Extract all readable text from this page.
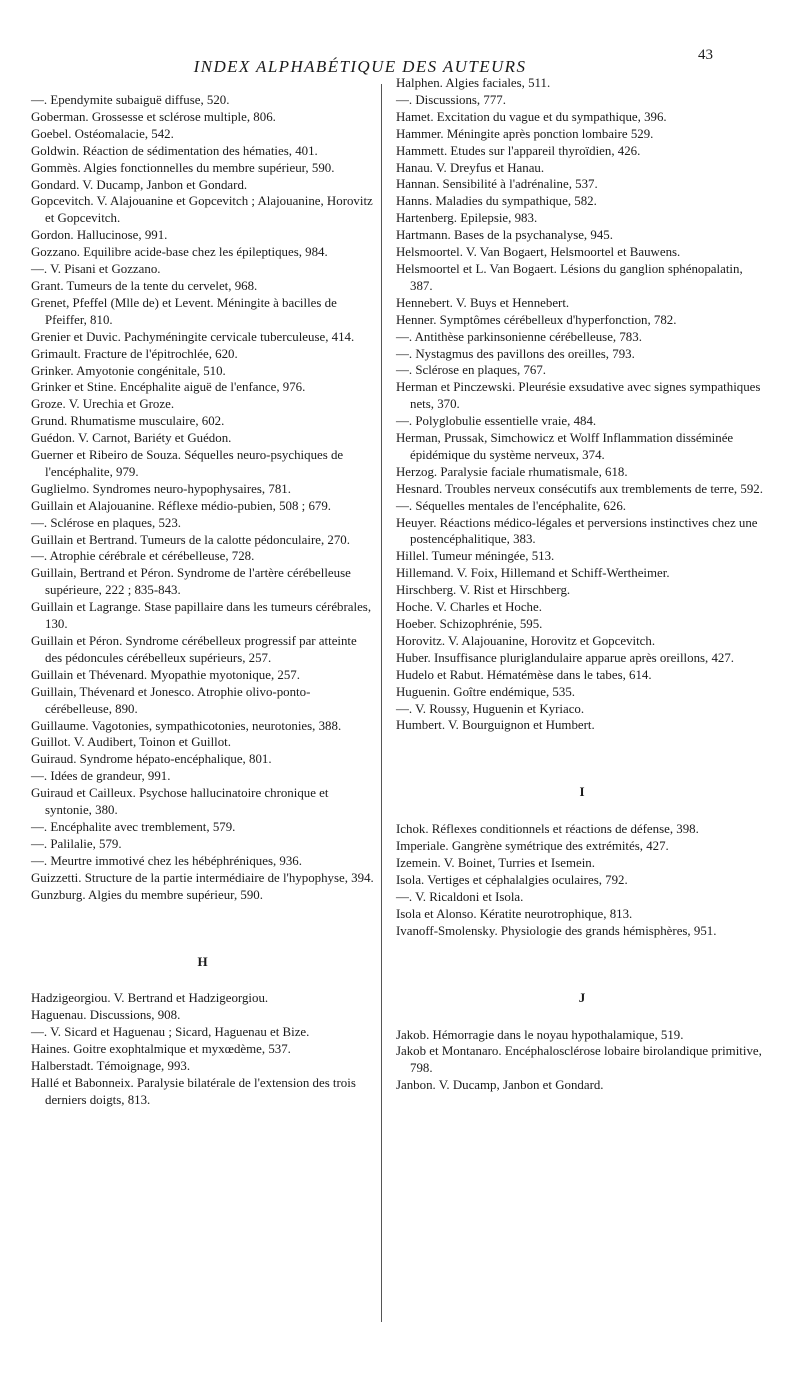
INDEX ALPHABÉTIQUE DES AUTEURS
43

—. Ependymite subaiguë diffuse, 520.

Goberman. Grossesse et sclérose multiple, 806.

Goebel. Ostéomalacie, 542.

Goldwin. Réaction de sédimentation des hématies, 401.

Gommès. Algies fonctionnelles du membre supérieur, 590.

Gondard. V. Ducamp, Janbon et Gondard.

Gopcevitch. V. Alajouanine et Gopcevitch ; Alajouanine, Horovitz et Gopcevitch.

Gordon. Hallucinose, 991.

Gozzano. Equilibre acide-base chez les épileptiques, 984.

—. V. Pisani et Gozzano.

Grant. Tumeurs de la tente du cervelet, 968.

Grenet, Pfeffel (Mlle de) et Levent. Méningite à bacilles de Pfeiffer, 810.

Grenier et Duvic. Pachyméningite cervicale tuberculeuse, 414.

Grimault. Fracture de l'épitrochlée, 620.

Grinker. Amyotonie congénitale, 510.

Grinker et Stine. Encéphalite aiguë de l'enfance, 976.

Groze. V. Urechia et Groze.

Grund. Rhumatisme musculaire, 602.

Guédon. V. Carnot, Bariéty et Guédon.

Guerner et Ribeiro de Souza. Séquelles neuro-psychiques de l'encéphalite, 979.

Guglielmo. Syndromes neuro-hypophysaires, 781.

Guillain et Alajouanine. Réflexe médio-pubien, 508 ; 679.

—. Sclérose en plaques, 523.

Guillain et Bertrand. Tumeurs de la calotte pédonculaire, 270.

—. Atrophie cérébrale et cérébelleuse, 728.

Guillain, Bertrand et Péron. Syndrome de l'artère cérébelleuse supérieure, 222 ; 835-843.

Guillain et Lagrange. Stase papillaire dans les tumeurs cérébrales, 130.

Guillain et Péron. Syndrome cérébelleux progressif par atteinte des pédoncules cérébelleux supérieurs, 257.

Guillain et Thévenard. Myopathie myotonique, 257.

Guillain, Thévenard et Jonesco. Atrophie olivo-ponto-cérébelleuse, 890.

Guillaume. Vagotonies, sympathicotonies, neurotonies, 388.

Guillot. V. Audibert, Toinon et Guillot.

Guiraud. Syndrome hépato-encéphalique, 801.

—. Idées de grandeur, 991.

Guiraud et Cailleux. Psychose hallucinatoire chronique et syntonie, 380.

—. Encéphalite avec tremblement, 579.

—. Palilalie, 579.

—. Meurtre immotivé chez les hébéphréniques, 936.

Guizzetti. Structure de la partie intermédiaire de l'hypophyse, 394.

Gunzburg. Algies du membre supérieur, 590.

H

Hadzigeorgiou. V. Bertrand et Hadzigeorgiou.

Haguenau. Discussions, 908.

—. V. Sicard et Haguenau ; Sicard, Haguenau et Bize.

Haines. Goitre exophtalmique et myxœdème, 537.

Halberstadt. Témoignage, 993.

Hallé et Babonneix. Paralysie bilatérale de l'extension des trois derniers doigts, 813.

Halphen. Algies faciales, 511.

—. Discussions, 777.

Hamet. Excitation du vague et du sympathique, 396.

Hammer. Méningite après ponction lombaire 529.

Hammett. Etudes sur l'appareil thyroïdien, 426.

Hanau. V. Dreyfus et Hanau.

Hannan. Sensibilité à l'adrénaline, 537.

Hanns. Maladies du sympathique, 582.

Hartenberg. Epilepsie, 983.

Hartmann. Bases de la psychanalyse, 945.

Helsmoortel. V. Van Bogaert, Helsmoortel et Bauwens.

Helsmoortel et L. Van Bogaert. Lésions du ganglion sphénopalatin, 387.

Hennebert. V. Buys et Hennebert.

Henner. Symptômes cérébelleux d'hyperfonction, 782.

—. Antithèse parkinsonienne cérébelleuse, 783.

—. Nystagmus des pavillons des oreilles, 793.

—. Sclérose en plaques, 767.

Herman et Pinczewski. Pleurésie exsudative avec signes sympathiques nets, 370.

—. Polyglobulie essentielle vraie, 484.

Herman, Prussak, Simchowicz et Wolff Inflammation disséminée épidémique du système nerveux, 374.

Herzog. Paralysie faciale rhumatismale, 618.

Hesnard. Troubles nerveux consécutifs aux tremblements de terre, 592.

—. Séquelles mentales de l'encéphalite, 626.

Heuyer. Réactions médico-légales et perversions instinctives chez une postencéphalitique, 383.

Hillel. Tumeur méningée, 513.

Hillemand. V. Foix, Hillemand et Schiff-Wertheimer.

Hirschberg. V. Rist et Hirschberg.

Hoche. V. Charles et Hoche.

Hoeber. Schizophrénie, 595.

Horovitz. V. Alajouanine, Horovitz et Gopcevitch.

Huber. Insuffisance pluriglandulaire apparue après oreillons, 427.

Hudelo et Rabut. Hématémèse dans le tabes, 614.

Huguenin. Goître endémique, 535.

—. V. Roussy, Huguenin et Kyriaco.

Humbert. V. Bourguignon et Humbert.

I

Ichok. Réflexes conditionnels et réactions de défense, 398.

Imperiale. Gangrène symétrique des extrémités, 427.

Izemein. V. Boinet, Turries et Isemein.

Isola. Vertiges et céphalalgies oculaires, 792.

—. V. Ricaldoni et Isola.

Isola et Alonso. Kératite neurotrophique, 813.

Ivanoff-Smolensky. Physiologie des grands hémisphères, 951.

J

Jakob. Hémorragie dans le noyau hypothalamique, 519.

Jakob et Montanaro. Encéphalosclérose lobaire birolandique primitive, 798.

Janbon. V. Ducamp, Janbon et Gondard.
